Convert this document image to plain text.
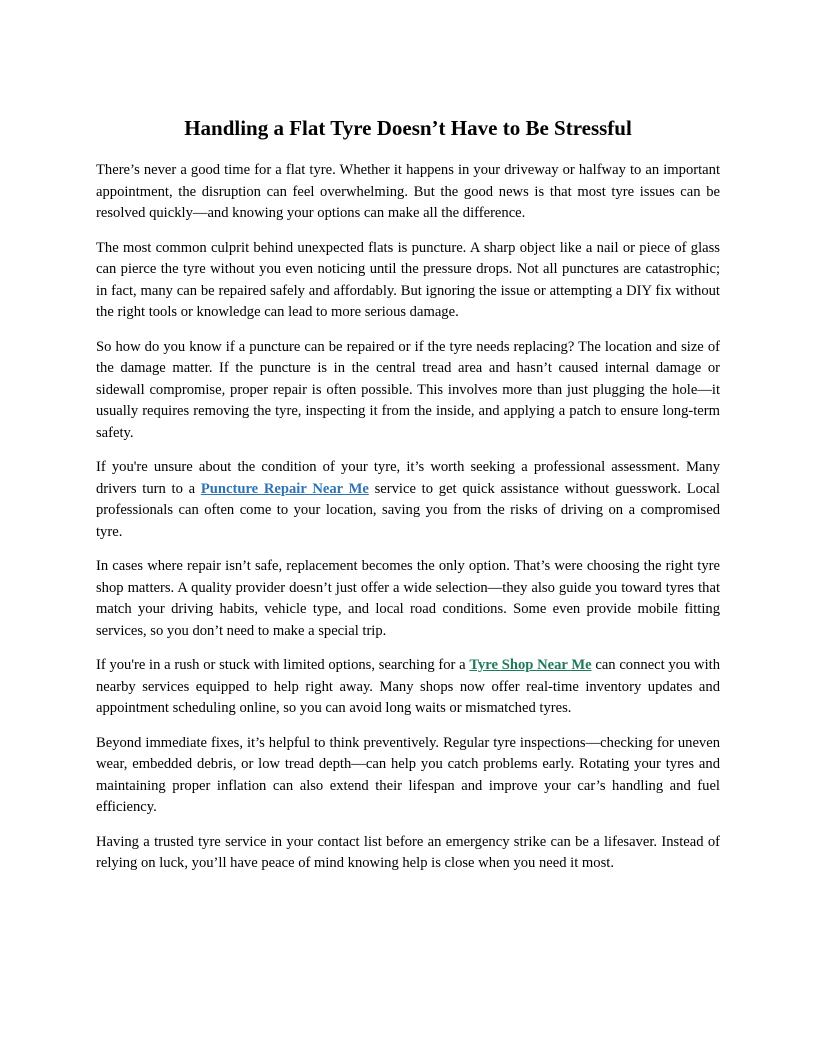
Handling a Flat Tyre Doesn’t Have to Be Stressful

There’s never a good time for a flat tyre. Whether it happens in your driveway or halfway to an important appointment, the disruption can feel overwhelming. But the good news is that most tyre issues can be resolved quickly—and knowing your options can make all the difference.

The most common culprit behind unexpected flats is puncture. A sharp object like a nail or piece of glass can pierce the tyre without you even noticing until the pressure drops. Not all punctures are catastrophic; in fact, many can be repaired safely and affordably. But ignoring the issue or attempting a DIY fix without the right tools or knowledge can lead to more serious damage.

So how do you know if a puncture can be repaired or if the tyre needs replacing? The location and size of the damage matter. If the puncture is in the central tread area and hasn’t caused internal damage or sidewall compromise, proper repair is often possible. This involves more than just plugging the hole—it usually requires removing the tyre, inspecting it from the inside, and applying a patch to ensure long-term safety.

If you're unsure about the condition of your tyre, it’s worth seeking a professional assessment. Many drivers turn to a Puncture Repair Near Me service to get quick assistance without guesswork. Local professionals can often come to your location, saving you from the risks of driving on a compromised tyre.

In cases where repair isn’t safe, replacement becomes the only option. That’s were choosing the right tyre shop matters. A quality provider doesn’t just offer a wide selection—they also guide you toward tyres that match your driving habits, vehicle type, and local road conditions. Some even provide mobile fitting services, so you don’t need to make a special trip.

If you're in a rush or stuck with limited options, searching for a Tyre Shop Near Me can connect you with nearby services equipped to help right away. Many shops now offer real-time inventory updates and appointment scheduling online, so you can avoid long waits or mismatched tyres.

Beyond immediate fixes, it’s helpful to think preventively. Regular tyre inspections—checking for uneven wear, embedded debris, or low tread depth—can help you catch problems early. Rotating your tyres and maintaining proper inflation can also extend their lifespan and improve your car’s handling and fuel efficiency.

Having a trusted tyre service in your contact list before an emergency strike can be a lifesaver. Instead of relying on luck, you’ll have peace of mind knowing help is close when you need it most.
